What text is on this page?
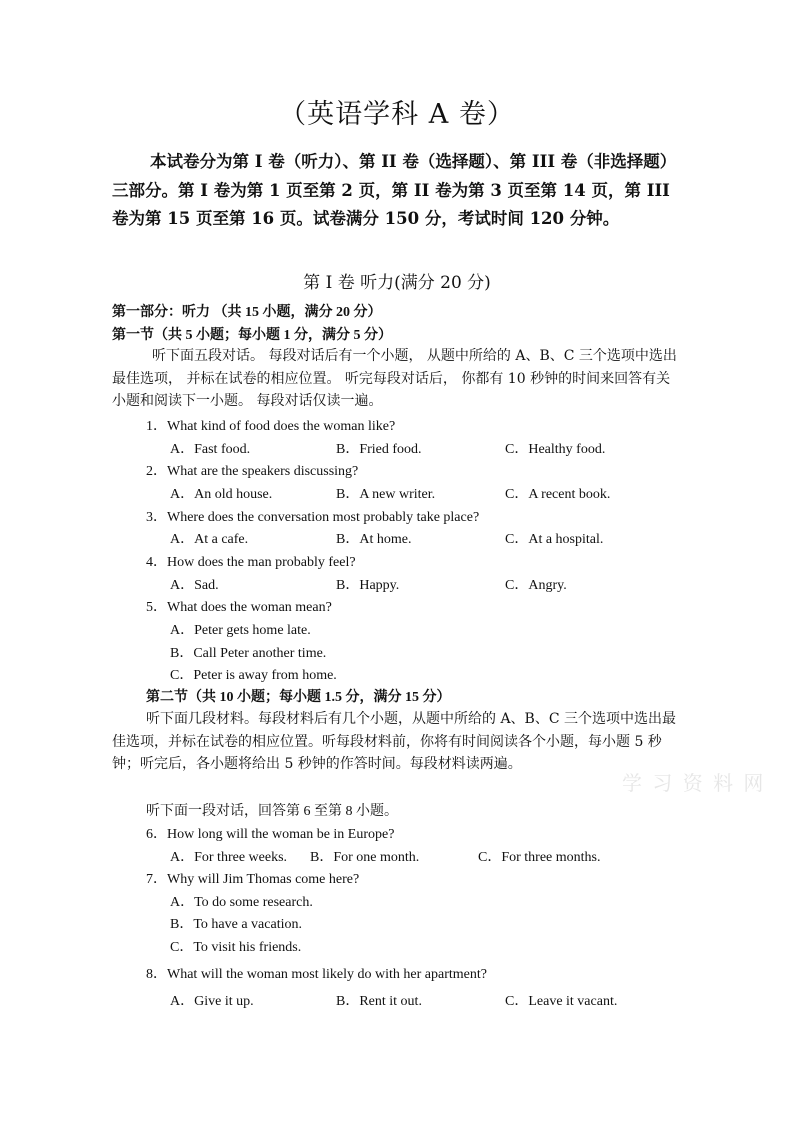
（英语学科 A 卷）
本试卷分为第 I 卷（听力）、第 II 卷（选择题）、第 III 卷（非选择题）三部分。第 I 卷为第 1 页至第 2 页，第 II 卷为第 3 页至第 14 页，第 III 卷为第 15 页至第 16 页。试卷满分 150 分，考试时间 120 分钟。
第 I 卷 听力(满分 20 分)
第一部分：听力 （共 15 小题，满分 20 分）
第一节（共 5 小题；每小题 1 分，满分 5 分）
听下面五段对话。 每段对话后有一个小题， 从题中所给的 A、B、C 三个选项中选出最佳选项， 并标在试卷的相应位置。 听完每段对话后， 你都有 10 秒钟的时间来回答有关小题和阅读下一小题。 每段对话仅读一遍。
1．What kind of food does the woman like?
A．Fast food.	B．Fried food.	C．Healthy food.
2．What are the speakers discussing?
A．An old house.	B．A new writer.	C．A recent book.
3．Where does the conversation most probably take place?
A．At a cafe.	B．At home.	C．At a hospital.
4．How does the man probably feel?
A．Sad.	B．Happy.	C．Angry.
5．What does the woman mean?
A．Peter gets home late.
B．Call Peter another time.
C．Peter is away from home.
第二节（共 10 小题；每小题 1.5 分，满分 15 分）
听下面几段材料。每段材料后有几个小题，从题中所给的 A、B、C 三个选项中选出最佳选项，并标在试卷的相应位置。听每段材料前，你将有时间阅读各个小题，每小题 5 秒钟；听完后，各小题将给出 5 秒钟的作答时间。每段材料读两遍。
听下面一段对话，回答第 6 至第 8 小题。
6．How long will the woman be in Europe?
A．For three weeks. B．For one month.	C．For three months.
7．Why will Jim Thomas come here?
A．To do some research.
B．To have a vacation.
C．To visit his friends.
8．What will the woman most likely do with her apartment?
A．Give it up.	B．Rent it out.	C．Leave it vacant.
学 习 资 料 网
